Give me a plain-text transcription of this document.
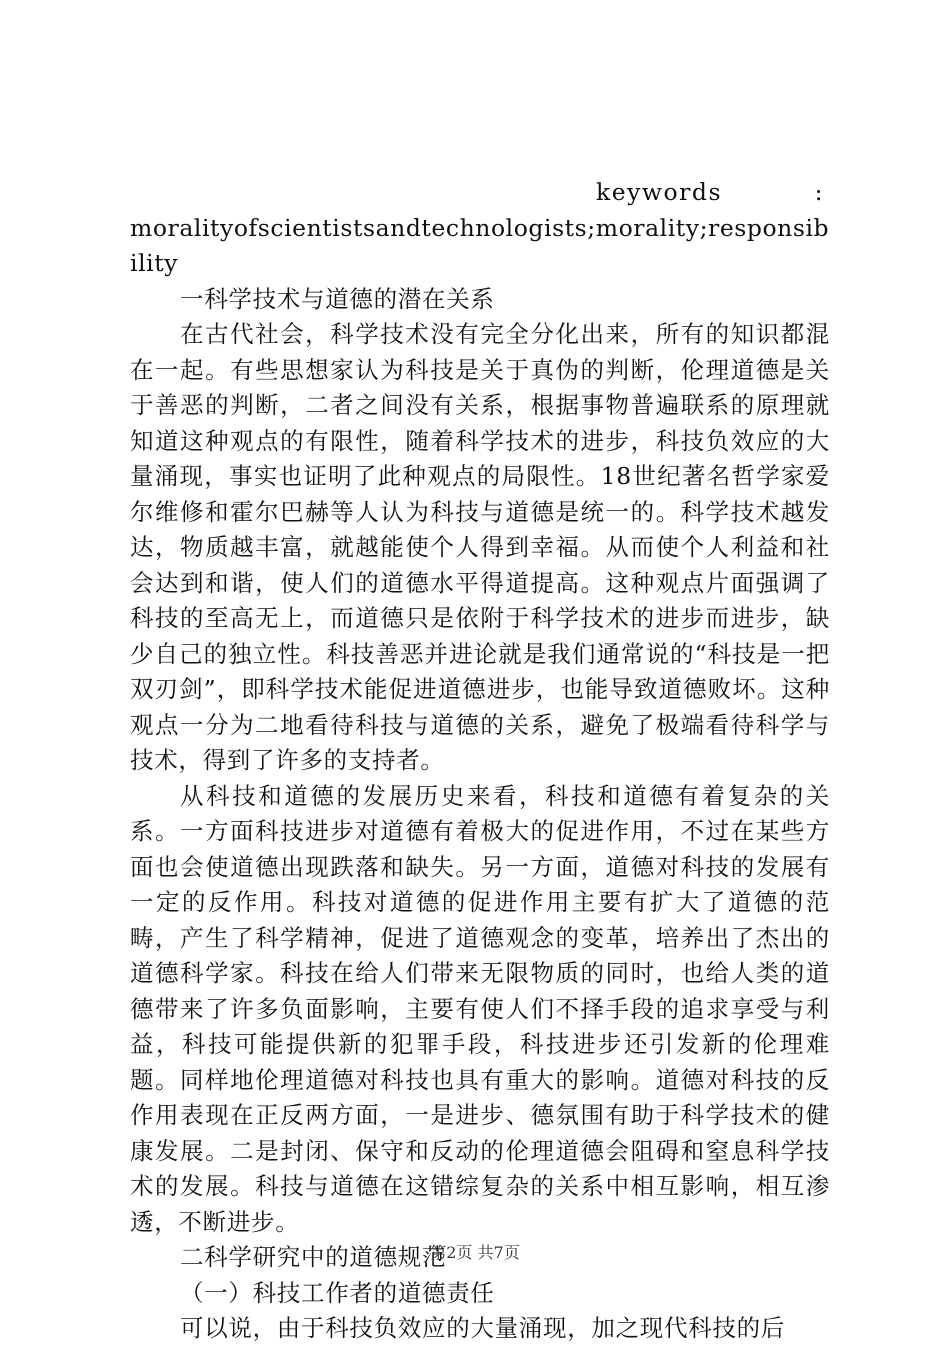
keywords	:
moralityofscientistsandtechnologists;morality;responsibility

一科学技术与道德的潜在关系

在古代社会，科学技术没有完全分化出来，所有的知识都混在一起。有些思想家认为科技是关于真伪的判断，伦理道德是关于善恶的判断，二者之间没有关系，根据事物普遍联系的原理就知道这种观点的有限性，随着科学技术的进步，科技负效应的大量涌现，事实也证明了此种观点的局限性。18世纪著名哲学家爱尔维修和霍尔巴赫等人认为科技与道德是统一的。科学技术越发达，物质越丰富，就越能使个人得到幸福。从而使个人利益和社会达到和谐，使人们的道德水平得道提高。这种观点片面强调了科技的至高无上，而道德只是依附于科学技术的进步而进步，缺少自己的独立性。科技善恶并进论就是我们通常说的“科技是一把双刃剑”，即科学技术能促进道德进步，也能导致道德败坏。这种观点一分为二地看待科技与道德的关系，避免了极端看待科学与技术，得到了许多的支持者。

从科技和道德的发展历史来看，科技和道德有着复杂的关系。一方面科技进步对道德有着极大的促进作用，不过在某些方面也会使道德出现跌落和缺失。另一方面，道德对科技的发展有一定的反作用。科技对道德的促进作用主要有扩大了道德的范畴，产生了科学精神，促进了道德观念的变革，培养出了杰出的道德科学家。科技在给人们带来无限物质的同时，也给人类的道德带来了许多负面影响，主要有使人们不择手段的追求享受与利益，科技可能提供新的犯罪手段，科技进步还引发新的伦理难题。同样地伦理道德对科技也具有重大的影响。道德对科技的反作用表现在正反两方面，一是进步、德氛围有助于科学技术的健康发展。二是封闭、保守和反动的伦理道德会阻碍和窒息科学技术的发展。科技与道德在这错综复杂的关系中相互影响，相互渗透，不断进步。

二科学研究中的道德规范

（一）科技工作者的道德责任

可以说，由于科技负效应的大量涌现，加之现代科技的后

第2页 共7页
